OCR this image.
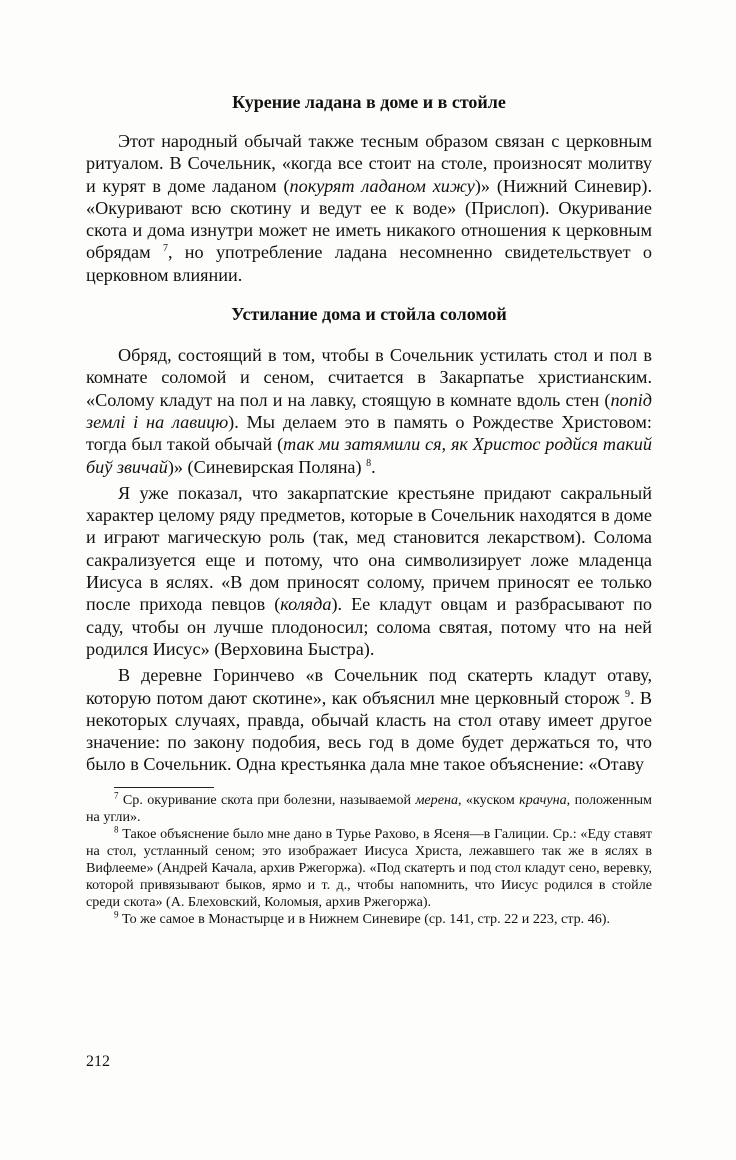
Курение ладана в доме и в стойле

Этот народный обычай также тесным образом связан с церковным ритуалом. В Сочельник, «когда все стоит на столе, произносят молитву и курят в доме ладаном (покурят ладаном хижу)» (Нижний Синевир). «Окуривают всю скотину и ведут ее к воде» (Прислоп). Окуривание скота и дома изнутри может не иметь никакого отношения к церковным обрядам $^7$, но употребление ладана несомненно свидетельствует о церковном влиянии.

Устилание дома и стойла соломой

Обряд, состоящий в том, чтобы в Сочельник устилать стол и пол в комнате соломой и сеном, считается в Закарпатье христианским. «Солому кладут на пол и на лавку, стоящую в комнате вдоль стен (попiд землi i на лавицю). Мы делаем это в память о Рождестве Христовом: тогда был такой обычай (так ми затямили ся, як Христос родйся такий биў звичай)» (Синевирская Поляна) $^8$.

Я уже показал, что закарпатские крестьяне придают сакральный характер целому ряду предметов, которые в Сочельник находятся в доме и играют магическую роль (так, мед становится лекарством). Солома сакрализуется еще и потому, что она символизирует ложе младенца Иисуса в яслях. «В дом приносят солому, причем приносят ее только после прихода певцов (коляда). Ее кладут овцам и разбрасывают по саду, чтобы он лучше плодоносил; солома святая, потому что на ней родился Иисус» (Верховина Быстра).

В деревне Горинчево «в Сочельник под скатерть кладут отаву, которую потом дают скотине», как объяснил мне церковный сторож $^9$. В некоторых случаях, правда, обычай класть на стол отаву имеет другое значение: по закону подобия, весь год в доме будет держаться то, что было в Сочельник. Одна крестьянка дала мне такое объяснение: «Отаву

$^7$ Ср. окуривание скота при болезни, называемой мерена, «куском крачуна, положенным на угли».
$^8$ Такое объяснение было мне дано в Турье Рахово, в Ясеня—в Галиции. Ср.: «Еду ставят на стол, устланный сеном; это изображает Иисуса Христа, лежавшего так же в яслях в Вифлееме» (Андрей Качала, архив Ржегоржа). «Под скатерть и под стол кладут сено, веревку, которой привязывают быков, ярмо и т. д., чтобы напомнить, что Иисус родился в стойле среди скота» (А. Блеховский, Коломыя, архив Ржегоржа).
$^9$ То же самое в Монастырце и в Нижнем Синевире (ср. 141, стр. 22 и 223, стр. 46).
212
